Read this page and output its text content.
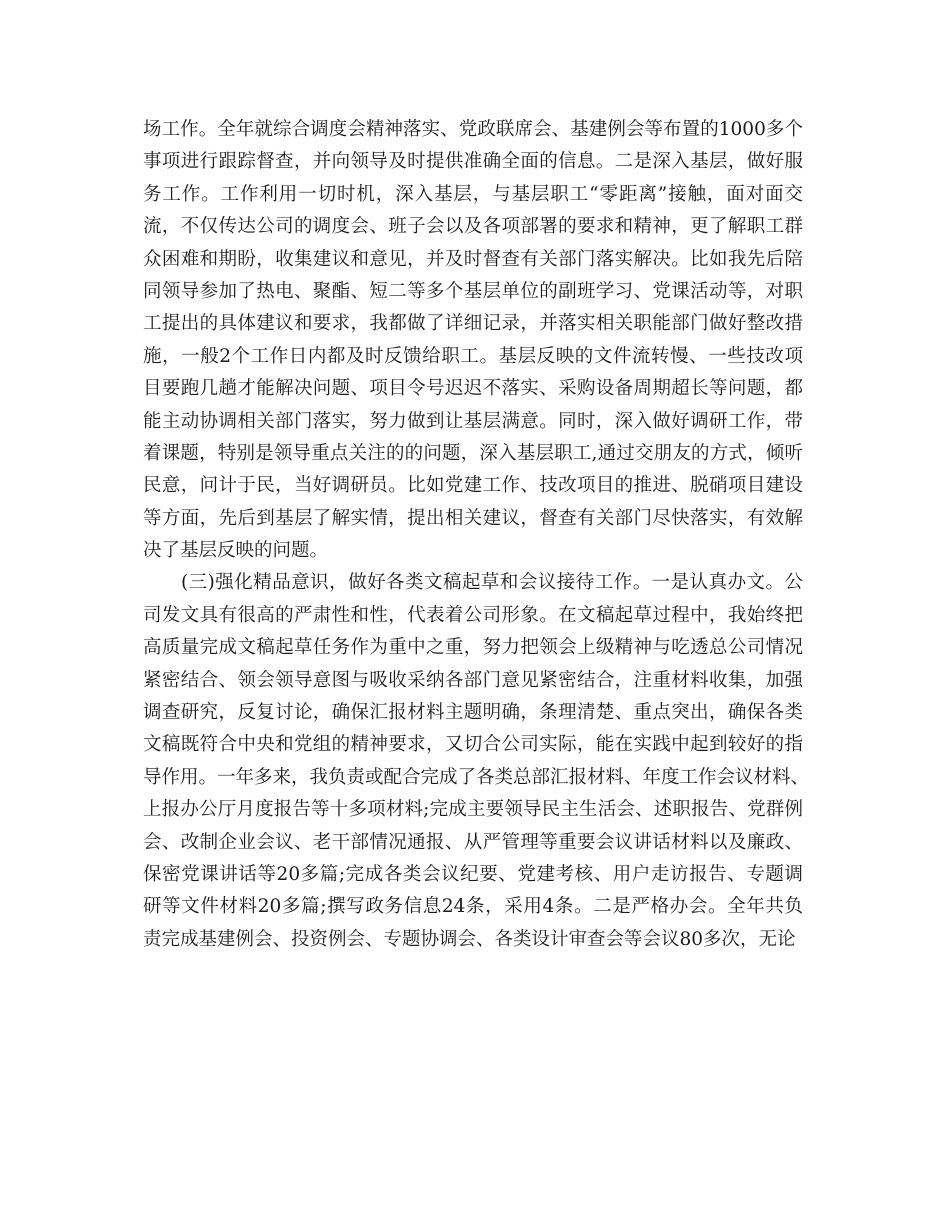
场工作。全年就综合调度会精神落实、党政联席会、基建例会等布置的1000多个
事项进行跟踪督查，并向领导及时提供准确全面的信息。二是深入基层，做好服
务工作。工作利用一切时机，深入基层，与基层职工“零距离”接触，面对面交
流，不仅传达公司的调度会、班子会以及各项部署的要求和精神，更了解职工群
众困难和期盼，收集建议和意见，并及时督查有关部门落实解决。比如我先后陪
同领导参加了热电、聚酯、短二等多个基层单位的副班学习、党课活动等，对职
工提出的具体建议和要求，我都做了详细记录，并落实相关职能部门做好整改措
施，一般2个工作日内都及时反馈给职工。基层反映的文件流转慢、一些技改项
目要跑几趟才能解决问题、项目令号迟迟不落实、采购设备周期超长等问题，都
能主动协调相关部门落实，努力做到让基层满意。同时，深入做好调研工作，带
着课题，特别是领导重点关注的的问题，深入基层职工,通过交朋友的方式，倾听
民意，问计于民，当好调研员。比如党建工作、技改项目的推进、脱硝项目建设
等方面，先后到基层了解实情，提出相关建议，督查有关部门尽快落实，有效解
决了基层反映的问题。
　　(三)强化精品意识，做好各类文稿起草和会议接待工作。一是认真办文。公
司发文具有很高的严肃性和性，代表着公司形象。在文稿起草过程中，我始终把
高质量完成文稿起草任务作为重中之重，努力把领会上级精神与吃透总公司情况
紧密结合、领会领导意图与吸收采纳各部门意见紧密结合，注重材料收集，加强
调查研究，反复讨论，确保汇报材料主题明确，条理清楚、重点突出，确保各类
文稿既符合中央和党组的精神要求，又切合公司实际，能在实践中起到较好的指
导作用。一年多来，我负责或配合完成了各类总部汇报材料、年度工作会议材料、
上报办公厅月度报告等十多项材料;完成主要领导民主生活会、述职报告、党群例
会、改制企业会议、老干部情况通报、从严管理等重要会议讲话材料以及廉政、
保密党课讲话等20多篇;完成各类会议纪要、党建考核、用户走访报告、专题调
研等文件材料20多篇;撰写政务信息24条，采用4条。二是严格办会。全年共负
责完成基建例会、投资例会、专题协调会、各类设计审查会等会议80多次，无论
